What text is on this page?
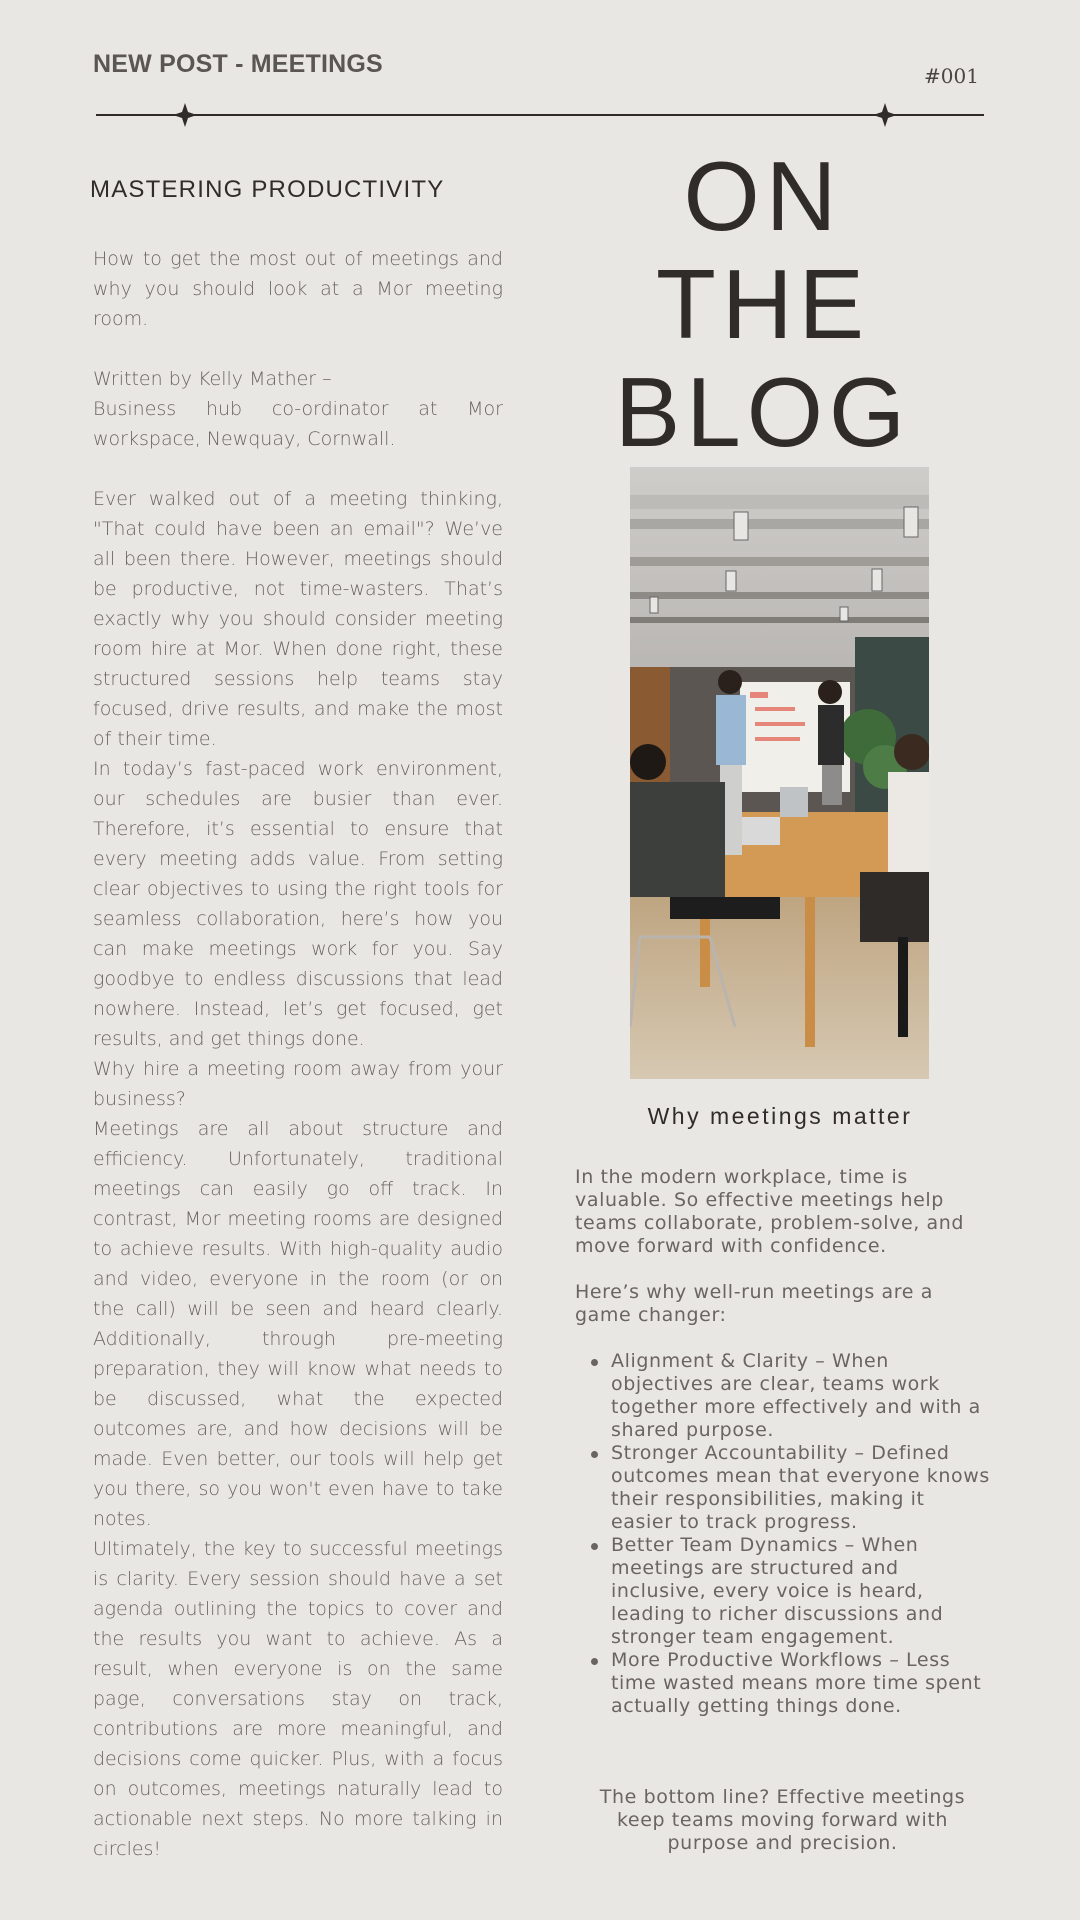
NEW POST - MEETINGS	#001
MASTERING PRODUCTIVITY

How to get the most out of meetings and why you should look at a Mor meeting room.

Written by Kelly Mather –

Business hub co-ordinator at Mor workspace, Newquay, Cornwall.

Ever walked out of a meeting thinking, "That could have been an email"? We’ve all been there. However, meetings should be productive, not time-wasters. That’s exactly why you should consider meeting room hire at Mor. When done right, these structured sessions help teams stay focused, drive results, and make the most of their time.

In today’s fast-paced work environment, our schedules are busier than ever. Therefore, it’s essential to ensure that every meeting adds value. From setting clear objectives to using the right tools for seamless collaboration, here’s how you can make meetings work for you. Say goodbye to endless discussions that lead nowhere. Instead, let’s get focused, get results, and get things done.

Why hire a meeting room away from your business?

Meetings are all about structure and efficiency. Unfortunately, traditional meetings can easily go off track. In contrast, Mor meeting rooms are designed to achieve results. With high-quality audio and video, everyone in the room (or on the call) will be seen and heard clearly. Additionally, through pre-meeting preparation, they will know what needs to be discussed, what the expected outcomes are, and how decisions will be made. Even better, our tools will help get you there, so you won't even have to take notes.

Ultimately, the key to successful meetings is clarity. Every session should have a set agenda outlining the topics to cover and the results you want to achieve. As a result, when everyone is on the same page, conversations stay on track, contributions are more meaningful, and decisions come quicker. Plus, with a focus on outcomes, meetings naturally lead to actionable next steps. No more talking in circles!

ON
THE
BLOG
Why meetings matter

In the modern workplace, time is valuable. So effective meetings help teams collaborate, problem-solve, and move forward with confidence.

Here’s why well-run meetings are a game changer:

Alignment & Clarity – When objectives are clear, teams work together more effectively and with a shared purpose.
Stronger Accountability – Defined outcomes mean that everyone knows their responsibilities, making it easier to track progress.
Better Team Dynamics – When meetings are structured and inclusive, every voice is heard, leading to richer discussions and stronger team engagement.
More Productive Workflows – Less time wasted means more time spent actually getting things done.

The bottom line? Effective meetings keep teams moving forward with purpose and precision.
